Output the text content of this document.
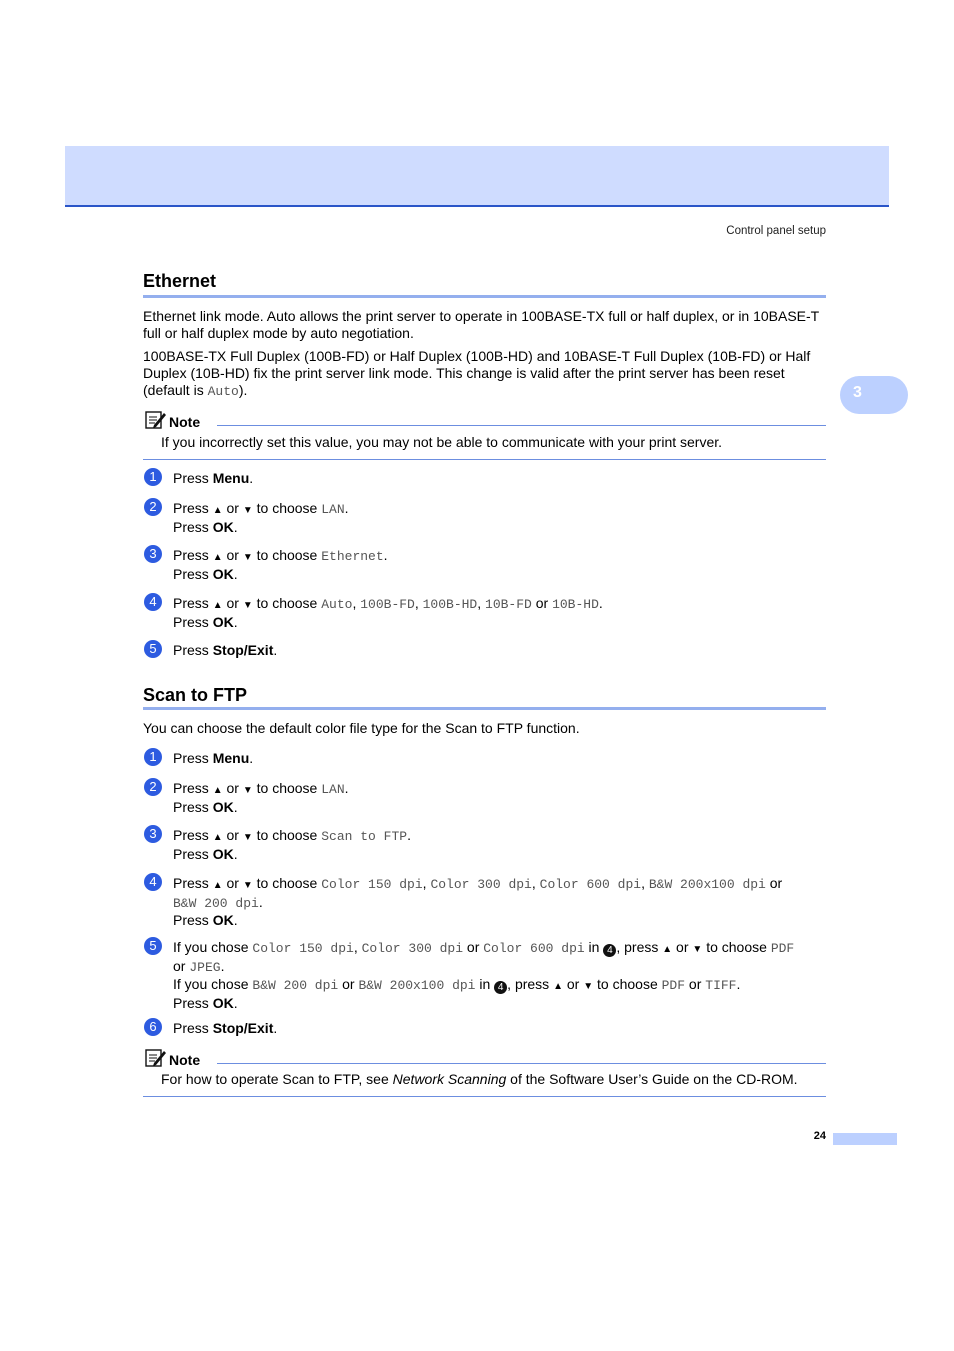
Control panel setup
3
Ethernet
Ethernet link mode. Auto allows the print server to operate in 100BASE-TX full or half duplex, or in 10BASE-T full or half duplex mode by auto negotiation.
100BASE-TX Full Duplex (100B-FD) or Half Duplex (100B-HD) and 10BASE-T Full Duplex (10B-FD) or Half Duplex (10B-HD) fix the print server link mode. This change is valid after the print server has been reset (default is Auto).
Note
If you incorrectly set this value, you may not be able to communicate with your print server.
1	Press Menu.
2	Press ▲ or ▼ to choose LAN.
Press OK.
3	Press ▲ or ▼ to choose Ethernet.
Press OK.
4	Press ▲ or ▼ to choose Auto, 100B-FD, 100B-HD, 10B-FD or 10B-HD.
Press OK.
5	Press Stop/Exit.
Scan to FTP
You can choose the default color file type for the Scan to FTP function.
1	Press Menu.
2	Press ▲ or ▼ to choose LAN.
Press OK.
3	Press ▲ or ▼ to choose Scan to FTP.
Press OK.
4	Press ▲ or ▼ to choose Color 150 dpi, Color 300 dpi, Color 600 dpi, B&W 200x100 dpi or
B&W 200 dpi.
Press OK.
5	If you chose Color 150 dpi, Color 300 dpi or Color 600 dpi in 4 , press ▲ or ▼ to choose PDF
or JPEG.
If you chose B&W 200 dpi or B&W 200x100 dpi in 4 , press ▲ or ▼ to choose PDF or TIFF.
Press OK.
6	Press Stop/Exit.
Note
For how to operate Scan to FTP, see Network Scanning of the Software User’s Guide on the CD-ROM.
24
